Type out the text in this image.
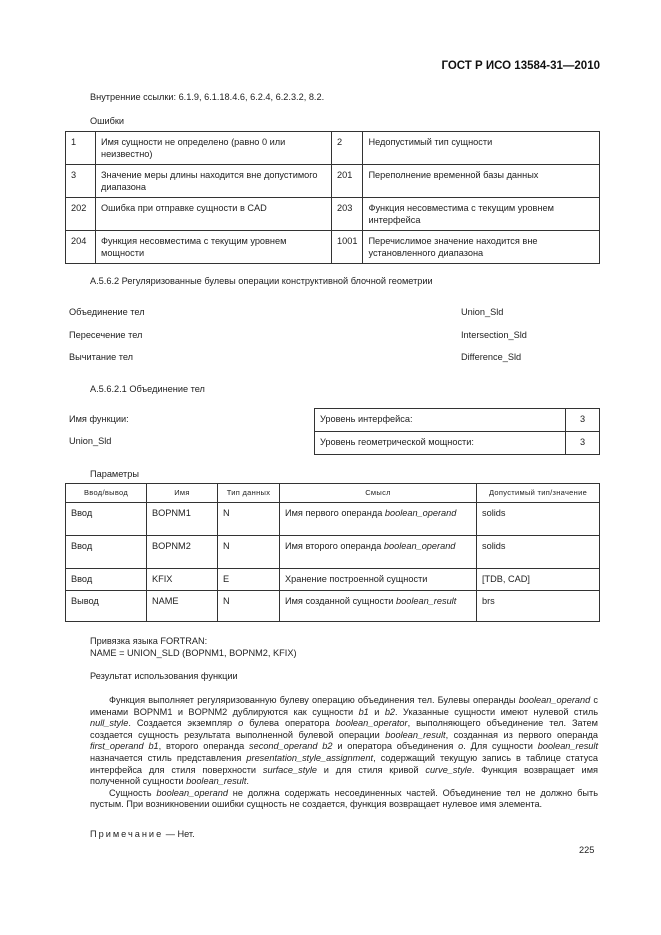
ГОСТ Р ИСО 13584-31—2010
Внутренние ссылки: 6.1.9, 6.1.18.4.6, 6.2.4, 6.2.3.2, 8.2.
Ошибки
1	Имя сущности не определено (равно 0 или неизвестно)	2	Недопустимый тип сущности
3	Значение меры длины находится вне допустимого диапазона	201	Переполнение временной базы данных
202	Ошибка при отправке сущности в CAD	203	Функция несовместима с текущим уровнем интерфейса
204	Функция несовместима с текущим уровнем мощности	1001	Перечислимое значение находится вне установленного диапазона
А.5.6.2 Регуляризованные булевы операции конструктивной блочной геометрии
Объединение тел	Union_Sld
Пересечение тел	Intersection_Sld
Вычитание тел	Difference_Sld
А.5.6.2.1 Объединение тел
Имя функции:
Union_Sld
Уровень интерфейса:	3
Уровень геометрической мощности:	3
Параметры
Ввод/вывод	Имя	Тип данных	Смысл	Допустимый тип/значение
Ввод	BOPNM1	N	Имя первого операнда boolean_operand	solids
Ввод	BOPNM2	N	Имя второго операнда boolean_operand	solids
Ввод	KFIX	E	Хранение построенной сущности	[TDB, CAD]
Вывод	NAME	N	Имя созданной сущности boolean_result	brs
Привязка языка FORTRAN:
NAME = UNION_SLD (BOPNM1, BOPNM2, KFIX)
Результат использования функции

Функция выполняет регуляризованную булеву операцию объединения тел. Булевы операнды boolean_operand с именами BOPNM1 и BOPNM2 дублируются как сущности b1 и b2. Указанные сущности имеют нулевой стиль null_style. Создается экземпляр o булева оператора boolean_operator, выполняющего объединение тел. Затем создается сущность результата выполненной булевой операции boolean_result, созданная из первого операнда first_operand b1, второго операнда second_operand b2 и оператора объединения o. Для сущности boolean_result назначается стиль представления presentation_style_assignment, содержащий текущую запись в таблице статуса интерфейса для стиля поверхности surface_style и для стиля кривой curve_style. Функция возвращает имя полученной сущности boolean_result.

Сущность boolean_operand не должна содержать несоединенных частей. Объединение тел не должно быть пустым. При возникновении ошибки сущность не создается, функция возвращает нулевое имя элемента.

Примечание — Нет.
225
